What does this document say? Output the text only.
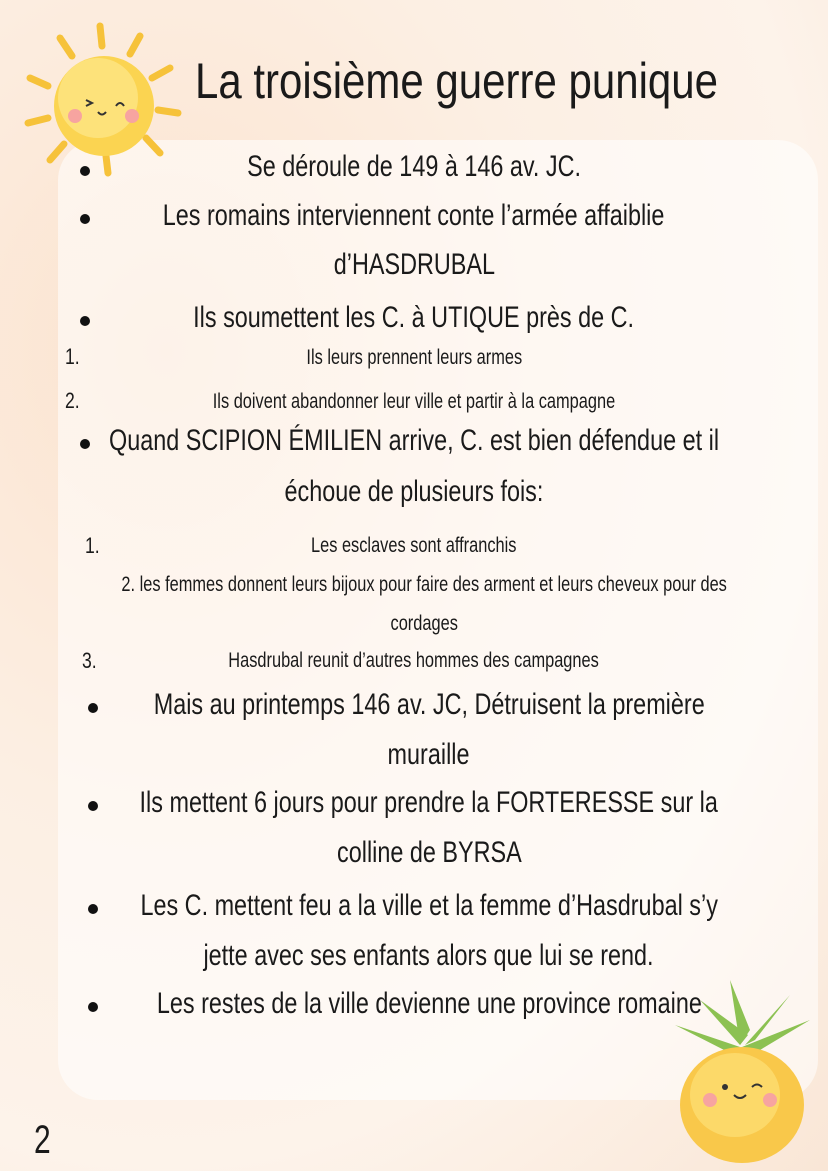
La troisième guerre punique
Se déroule de 149 à 146 av. JC.
Les romains interviennent conte l’armée affaiblie
d’HASDRUBAL
Ils soumettent les C. à UTIQUE près de C.
1.	Ils leurs prennent leurs armes
2.	Ils doivent abandonner leur ville et partir à la campagne
Quand SCIPION ÉMILIEN arrive, C. est bien défendue et il
échoue de plusieurs fois:
1.	Les esclaves sont affranchis
2. les femmes donnent leurs bijoux pour faire des arment et leurs cheveux pour des
cordages
3.	Hasdrubal reunit d’autres hommes des campagnes
Mais au printemps 146 av. JC, Détruisent la première
muraille
Ils mettent 6 jours pour prendre la FORTERESSE sur la
colline de BYRSA
Les C. mettent feu a la ville et la femme d’Hasdrubal s’y
jette avec ses enfants alors que lui se rend.
Les restes de la ville devienne une province romaine
2
